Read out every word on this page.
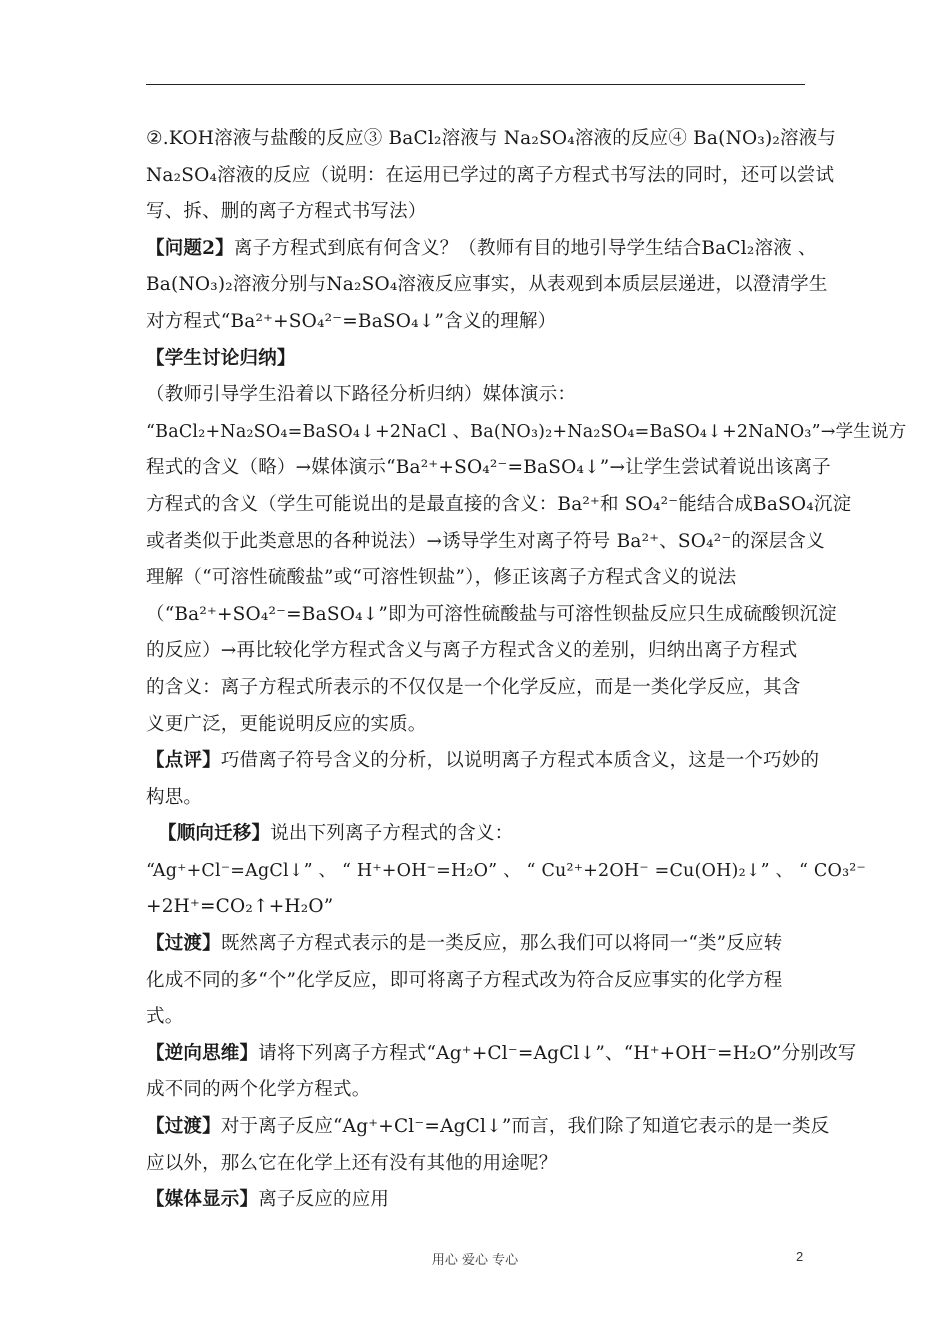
②.KOH溶液与盐酸的反应③ BaCl₂溶液与 Na₂SO₄溶液的反应④ Ba(NO₃)₂溶液与
Na₂SO₄溶液的反应（说明：在运用已学过的离子方程式书写法的同时，还可以尝试
写、拆、删的离子方程式书写法）
【问题2】离子方程式到底有何含义？（教师有目的地引导学生结合BaCl₂溶液 、
Ba(NO₃)₂溶液分别与Na₂SO₄溶液反应事实，从表观到本质层层递进，以澄清学生
对方程式“Ba²⁺+SO₄²⁻=BaSO₄↓”含义的理解）
【学生讨论归纳】
（教师引导学生沿着以下路径分析归纳）媒体演示：
“BaCl₂+Na₂SO₄=BaSO₄↓+2NaCl 、Ba(NO₃)₂+Na₂SO₄=BaSO₄↓+2NaNO₃”→学生说方
程式的含义（略）→媒体演示“Ba²⁺+SO₄²⁻=BaSO₄↓”→让学生尝试着说出该离子
方程式的含义（学生可能说出的是最直接的含义：Ba²⁺和 SO₄²⁻能结合成BaSO₄沉淀
或者类似于此类意思的各种说法）→诱导学生对离子符号 Ba²⁺、SO₄²⁻的深层含义
理解（“可溶性硫酸盐”或“可溶性钡盐”），修正该离子方程式含义的说法
（“Ba²⁺+SO₄²⁻=BaSO₄↓”即为可溶性硫酸盐与可溶性钡盐反应只生成硫酸钡沉淀
的反应）→再比较化学方程式含义与离子方程式含义的差别，归纳出离子方程式
的含义：离子方程式所表示的不仅仅是一个化学反应，而是一类化学反应，其含
义更广泛，更能说明反应的实质。
【点评】巧借离子符号含义的分析，以说明离子方程式本质含义，这是一个巧妙的
构思。
【顺向迁移】说出下列离子方程式的含义：
“Ag⁺+Cl⁻=AgCl↓” 、 “ H⁺+OH⁻=H₂O” 、 “ Cu²⁺+2OH⁻ =Cu(OH)₂↓” 、 “ CO₃²⁻
+2H⁺=CO₂↑+H₂O”
【过渡】既然离子方程式表示的是一类反应，那么我们可以将同一“类”反应转
化成不同的多“个”化学反应，即可将离子方程式改为符合反应事实的化学方程
式。
【逆向思维】请将下列离子方程式“Ag⁺+Cl⁻=AgCl↓”、“H⁺+OH⁻=H₂O”分别改写
成不同的两个化学方程式。
【过渡】对于离子反应“Ag⁺+Cl⁻=AgCl↓”而言，我们除了知道它表示的是一类反
应以外，那么它在化学上还有没有其他的用途呢？
【媒体显示】离子反应的应用
用心 爱心 专心	2
